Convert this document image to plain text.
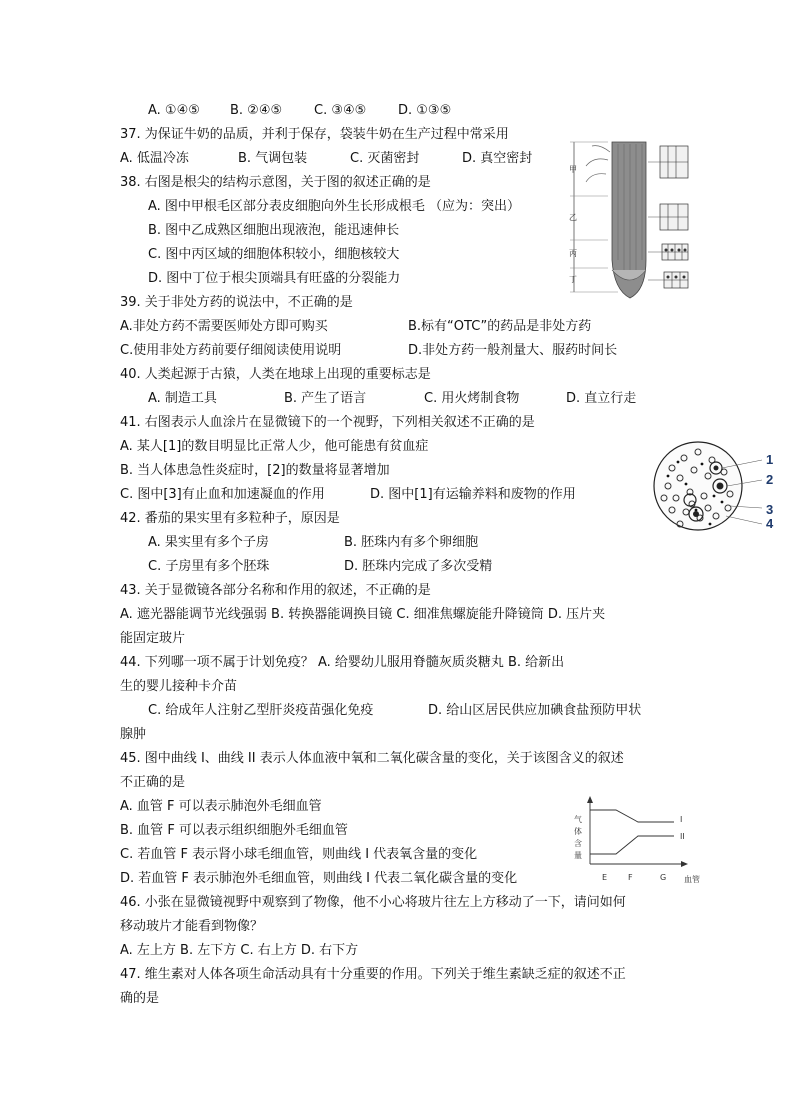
A. ①④⑤ B. ②④⑤ C. ③④⑤ D. ①③⑤
37. 为保证牛奶的品质，并利于保存，袋装牛奶在生产过程中常采用
A. 低温冷冻	B. 气调包装	C. 灭菌密封	D. 真空密封
38. 右图是根尖的结构示意图，关于图的叙述正确的是
A. 图中甲根毛区部分表皮细胞向外生长形成根毛 （应为：突出）
B. 图中乙成熟区细胞出现液泡，能迅速伸长
C. 图中丙区域的细胞体积较小，细胞核较大
D. 图中丁位于根尖顶端具有旺盛的分裂能力
甲
乙
丙
丁
39. 关于非处方药的说法中，不正确的是
A.非处方药不需要医师处方即可购买	B.标有“OTC”的药品是非处方药
C.使用非处方药前要仔细阅读使用说明	D.非处方药一般剂量大、服药时间长
40. 人类起源于古猿，人类在地球上出现的重要标志是
A. 制造工具	B. 产生了语言	C. 用火烤制食物	D. 直立行走
41. 右图表示人血涂片在显微镜下的一个视野，下列相关叙述不正确的是
A. 某人[1]的数目明显比正常人少，他可能患有贫血症
B. 当人体患急性炎症时，[2]的数量将显著增加
C. 图中[3]有止血和加速凝血的作用	D. 图中[1]有运输养料和废物的作用
1
2
3
4
42. 番茄的果实里有多粒种子，原因是
A. 果实里有多个子房	B. 胚珠内有多个卵细胞
C. 子房里有多个胚珠	D. 胚珠内完成了多次受精
43. 关于显微镜各部分名称和作用的叙述，不正确的是
A. 遮光器能调节光线强弱 B. 转换器能调换目镜 C. 细准焦螺旋能升降镜筒 D. 压片夹
能固定玻片
44. 下列哪一项不属于计划免疫？ A. 给婴幼儿服用脊髓灰质炎糖丸 B. 给新出
生的婴儿接种卡介苗
C. 给成年人注射乙型肝炎疫苗强化免疫	D. 给山区居民供应加碘食盐预防甲状
腺肿
45. 图中曲线 I、曲线 II 表示人体血液中氧和二氧化碳含量的变化，关于该图含义的叙述
不正确的是
A. 血管 F 可以表示肺泡外毛细血管
B. 血管 F 可以表示组织细胞外毛细血管
C. 若血管 F 表示肾小球毛细血管，则曲线 I 代表氧含量的变化
D. 若血管 F 表示肺泡外毛细血管，则曲线 I 代表二氧化碳含量的变化
气
体
含
量
I
II
E	F	G 血管
46. 小张在显微镜视野中观察到了物像，他不小心将玻片往左上方移动了一下，请问如何
移动玻片才能看到物像？
A. 左上方 B. 左下方 C. 右上方 D. 右下方
47. 维生素对人体各项生命活动具有十分重要的作用。下列关于维生素缺乏症的叙述不正
确的是
